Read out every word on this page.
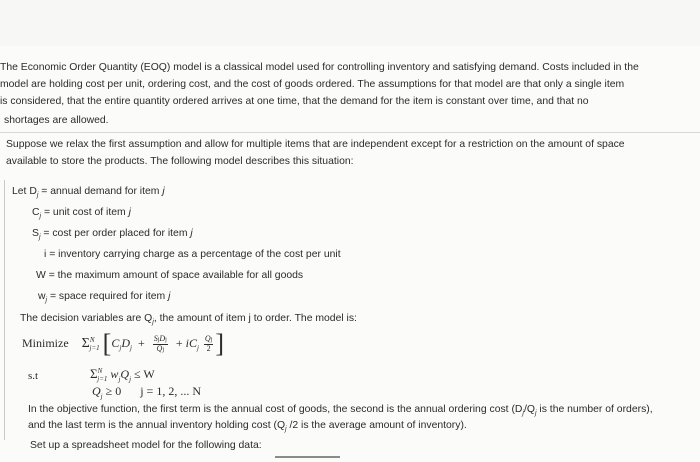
The Economic Order Quantity (EOQ) model is a classical model used for controlling inventory and satisfying demand. Costs included in the
model are holding cost per unit, ordering cost, and the cost of goods ordered. The assumptions for that model are that only a single item
is considered, that the entire quantity ordered arrives at one time, that the demand for the item is constant over time, and that no
shortages are allowed.
Suppose we relax the first assumption and allow for multiple items that are independent except for a restriction on the amount of space
available to store the products. The following model describes this situation:
Let $D_j$ = annual demand for item j
$C_j$ = unit cost of item j
$S_j = \cos t$ per order placed for item j
i = inventory carrying charge as a percentage of the cost per unit
W = the maximum amount of space available for all goods
$w_j$ = space required for item j
The decision variables are $Q_j$, the amount of item j to order. The model is:
Minimize $\Sigma^N_{j=1}$ [$C_jD_j + \frac{\text{SjDj}}{Qj} + iC_j \frac{Qj}{2}$ ]
s.t	$\Sigma^N_{j=1}$ $w_jQ_j \le W$
$Q_j \ge 0$ j = 1, 2, ... N
In the objective function, the first term is the annual cost of goods, the second is the annual ordering cost ($D_j/Q_j$ is the number of orders),
and the last term is the annual inventory holding cost ($Q_j$ /2 is the average amount of inventory).
Set up a spreadsheet model for the following data:
